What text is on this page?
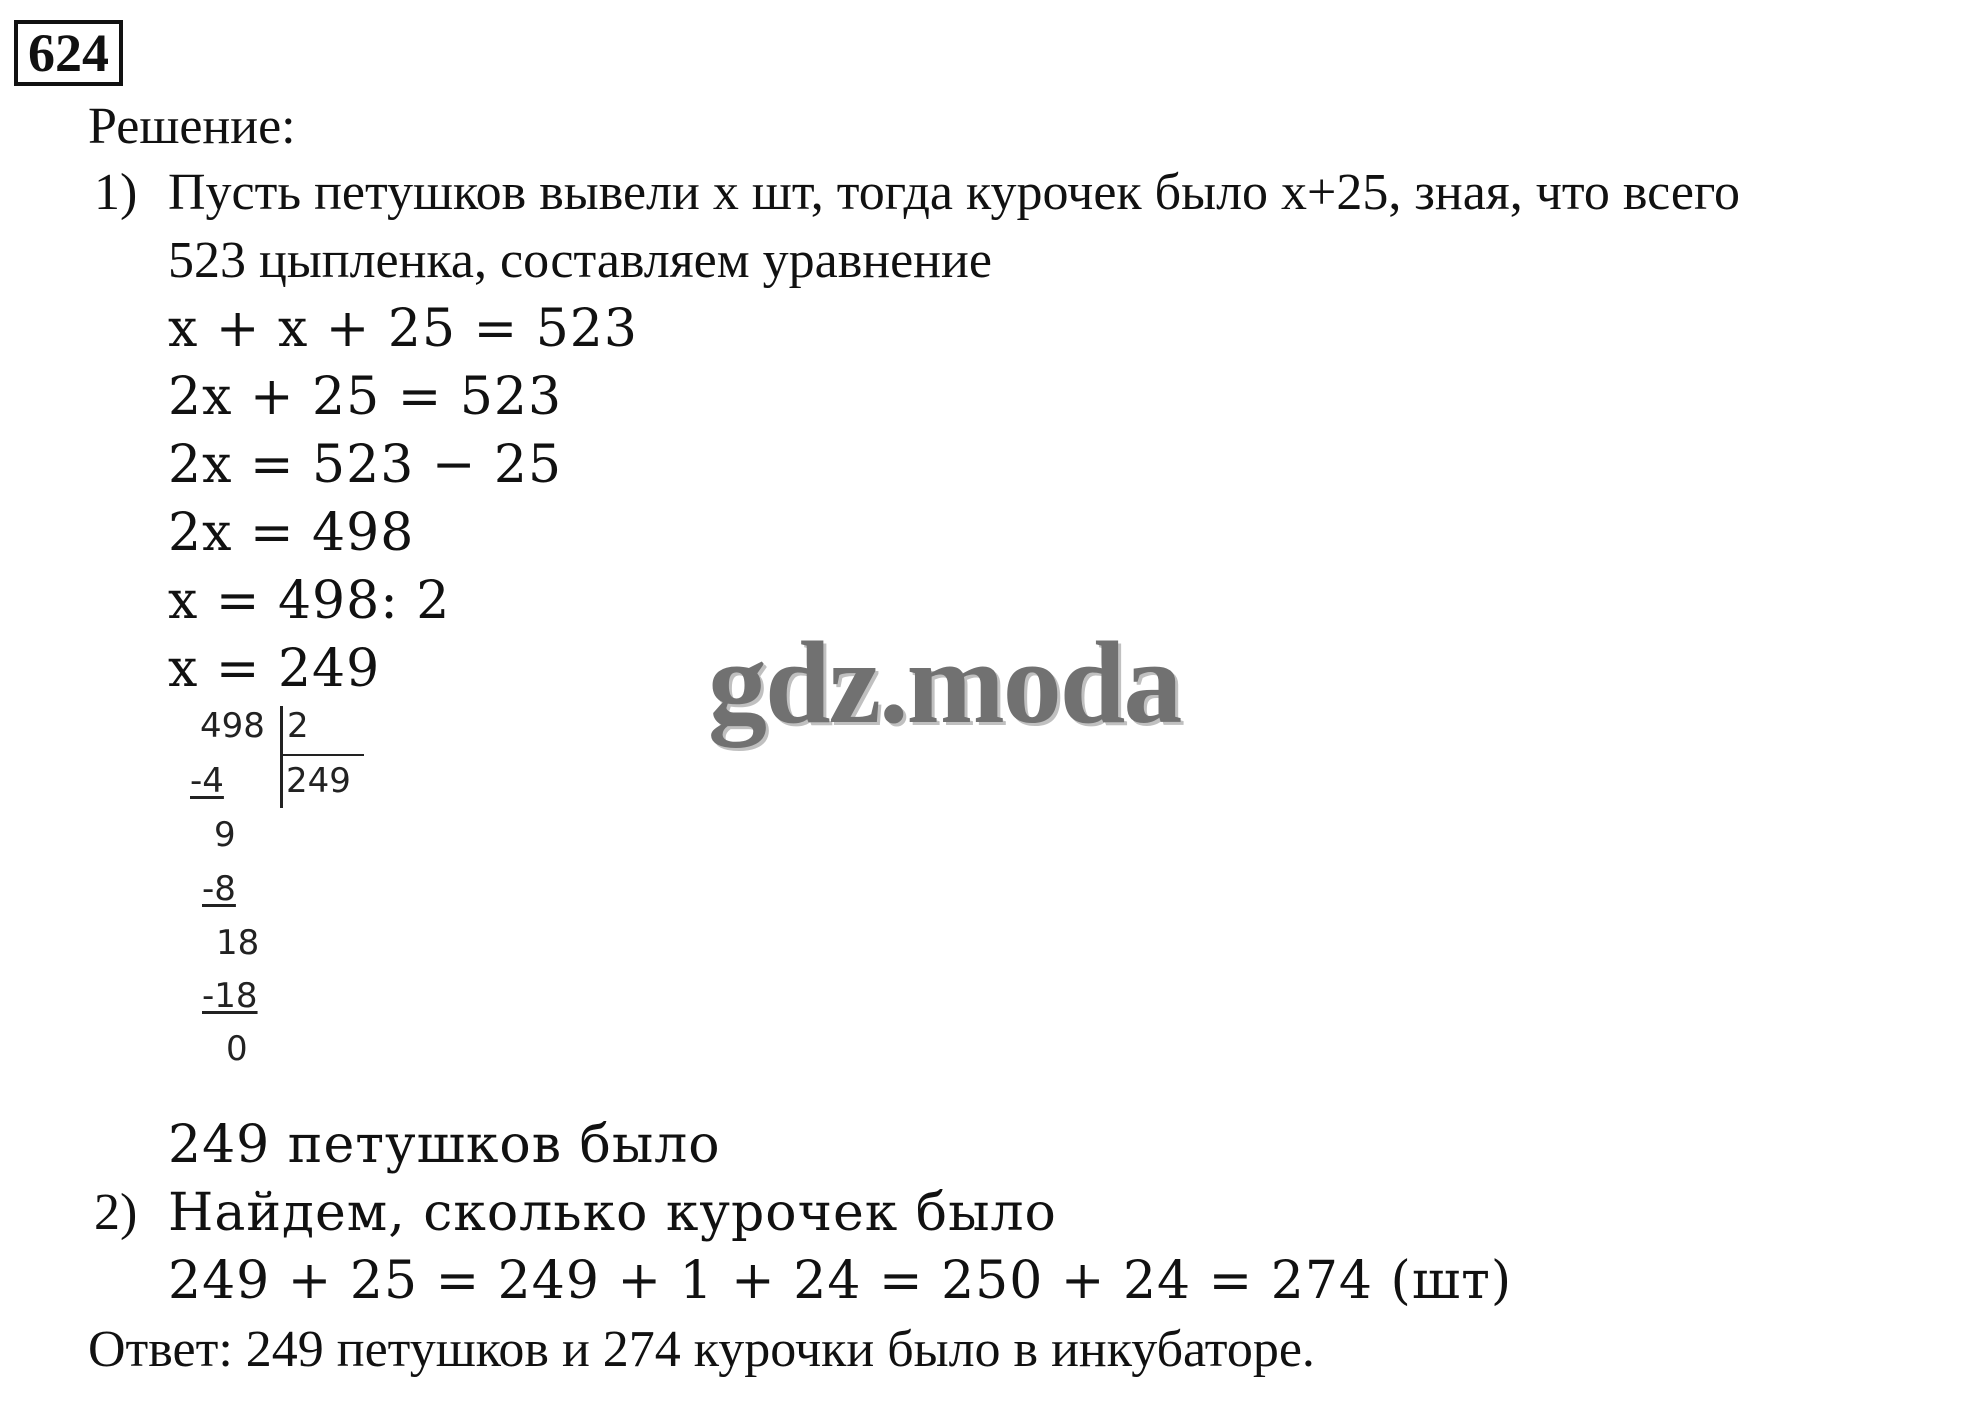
624
Решение:
1) Пусть петушков вывели х шт, тогда курочек было х+25, зная, что всего
523 цыпленка, составляем уравнение
x + x + 25 = 523
2x + 25 = 523
2x = 523 − 25
2x = 498
x = 498: 2
x = 249
498 2
249
-4
9
-8
18
-18
0
249 петушков было
2) Найдем, сколько курочек было
249 + 25 = 249 + 1 + 24 = 250 + 24 = 274 (шт)
Ответ: 249 петушков и 274 курочки было в инкубаторе.
gdz.moda
